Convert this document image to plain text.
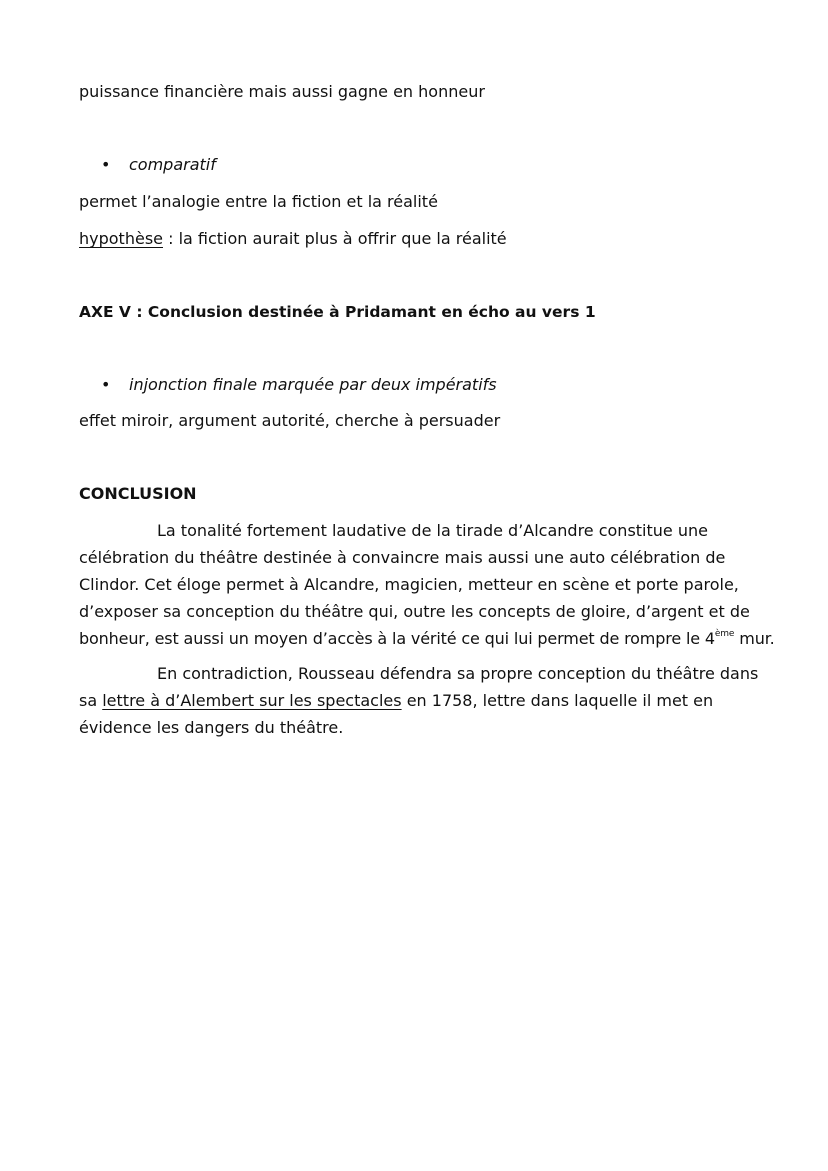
puissance financière mais aussi gagne en honneur
• comparatif
permet l’analogie entre la fiction et la réalité
hypothèse : la fiction aurait plus à offrir que la réalité
AXE V : Conclusion destinée à Pridamant en écho au vers 1
• injonction finale marquée par deux impératifs
effet miroir, argument autorité, cherche à persuader
CONCLUSION
La tonalité fortement laudative de la tirade d’Alcandre constitue une
célébration du théâtre destinée à convaincre mais aussi une auto célébration de
Clindor. Cet éloge permet à Alcandre, magicien, metteur en scène et porte parole,
d’exposer sa conception du théâtre qui, outre les concepts de gloire, d’argent et de
bonheur, est aussi un moyen d’accès à la vérité ce qui lui permet de rompre le 4ème mur.
En contradiction, Rousseau défendra sa propre conception du théâtre dans
sa lettre à d’Alembert sur les spectacles en 1758, lettre dans laquelle il met en
évidence les dangers du théâtre.
